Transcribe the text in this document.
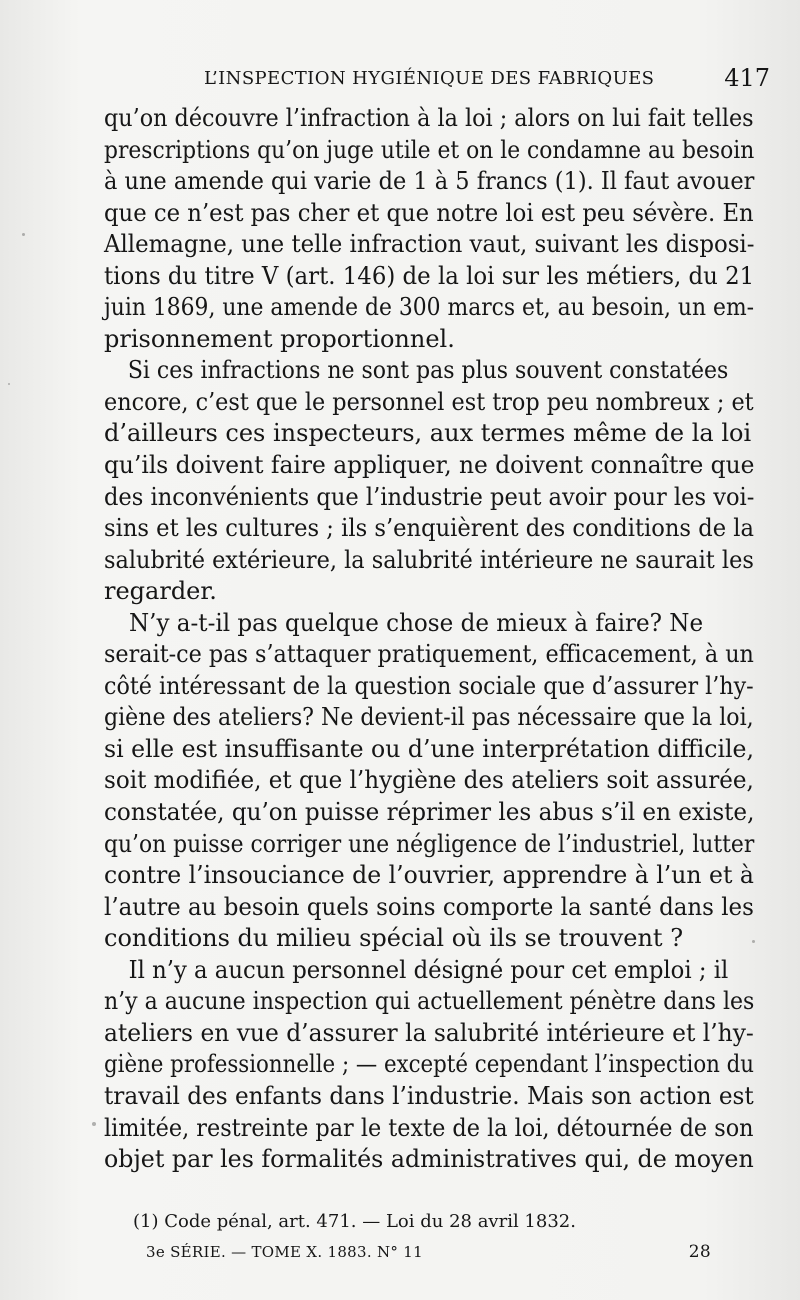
L’INSPECTION HYGIÉNIQUE DES FABRIQUES	417
qu’on découvre l’infraction à la loi ; alors on lui fait telles
prescriptions qu’on juge utile et on le condamne au besoin
à une amende qui varie de 1 à 5 francs (1). Il faut avouer
que ce n’est pas cher et que notre loi est peu sévère. En
Allemagne, une telle infraction vaut, suivant les disposi-
tions du titre V (art. 146) de la loi sur les métiers, du 21
juin 1869, une amende de 300 marcs et, au besoin, un em-
prisonnement proportionnel.
Si ces infractions ne sont pas plus souvent constatées
encore, c’est que le personnel est trop peu nombreux ; et
d’ailleurs ces inspecteurs, aux termes même de la loi
qu’ils doivent faire appliquer, ne doivent connaître que
des inconvénients que l’industrie peut avoir pour les voi-
sins et les cultures ; ils s’enquièrent des conditions de la
salubrité extérieure, la salubrité intérieure ne saurait les
regarder.
N’y a-t-il pas quelque chose de mieux à faire? Ne
serait-ce pas s’attaquer pratiquement, efficacement, à un
côté intéressant de la question sociale que d’assurer l’hy-
giène des ateliers? Ne devient-il pas nécessaire que la loi,
si elle est insuffisante ou d’une interprétation difficile,
soit modifiée, et que l’hygiène des ateliers soit assurée,
constatée, qu’on puisse réprimer les abus s’il en existe,
qu’on puisse corriger une négligence de l’industriel, lutter
contre l’insouciance de l’ouvrier, apprendre à l’un et à
l’autre au besoin quels soins comporte la santé dans les
conditions du milieu spécial où ils se trouvent ?
Il n’y a aucun personnel désigné pour cet emploi ; il
n’y a aucune inspection qui actuellement pénètre dans les
ateliers en vue d’assurer la salubrité intérieure et l’hy-
giène professionnelle ; — excepté cependant l’inspection du
travail des enfants dans l’industrie. Mais son action est
limitée, restreinte par le texte de la loi, détournée de son
objet par les formalités administratives qui, de moyen
(1) Code pénal, art. 471. — Loi du 28 avril 1832.
3e SÉRIE. — TOME X. 1883. N° 11	28
